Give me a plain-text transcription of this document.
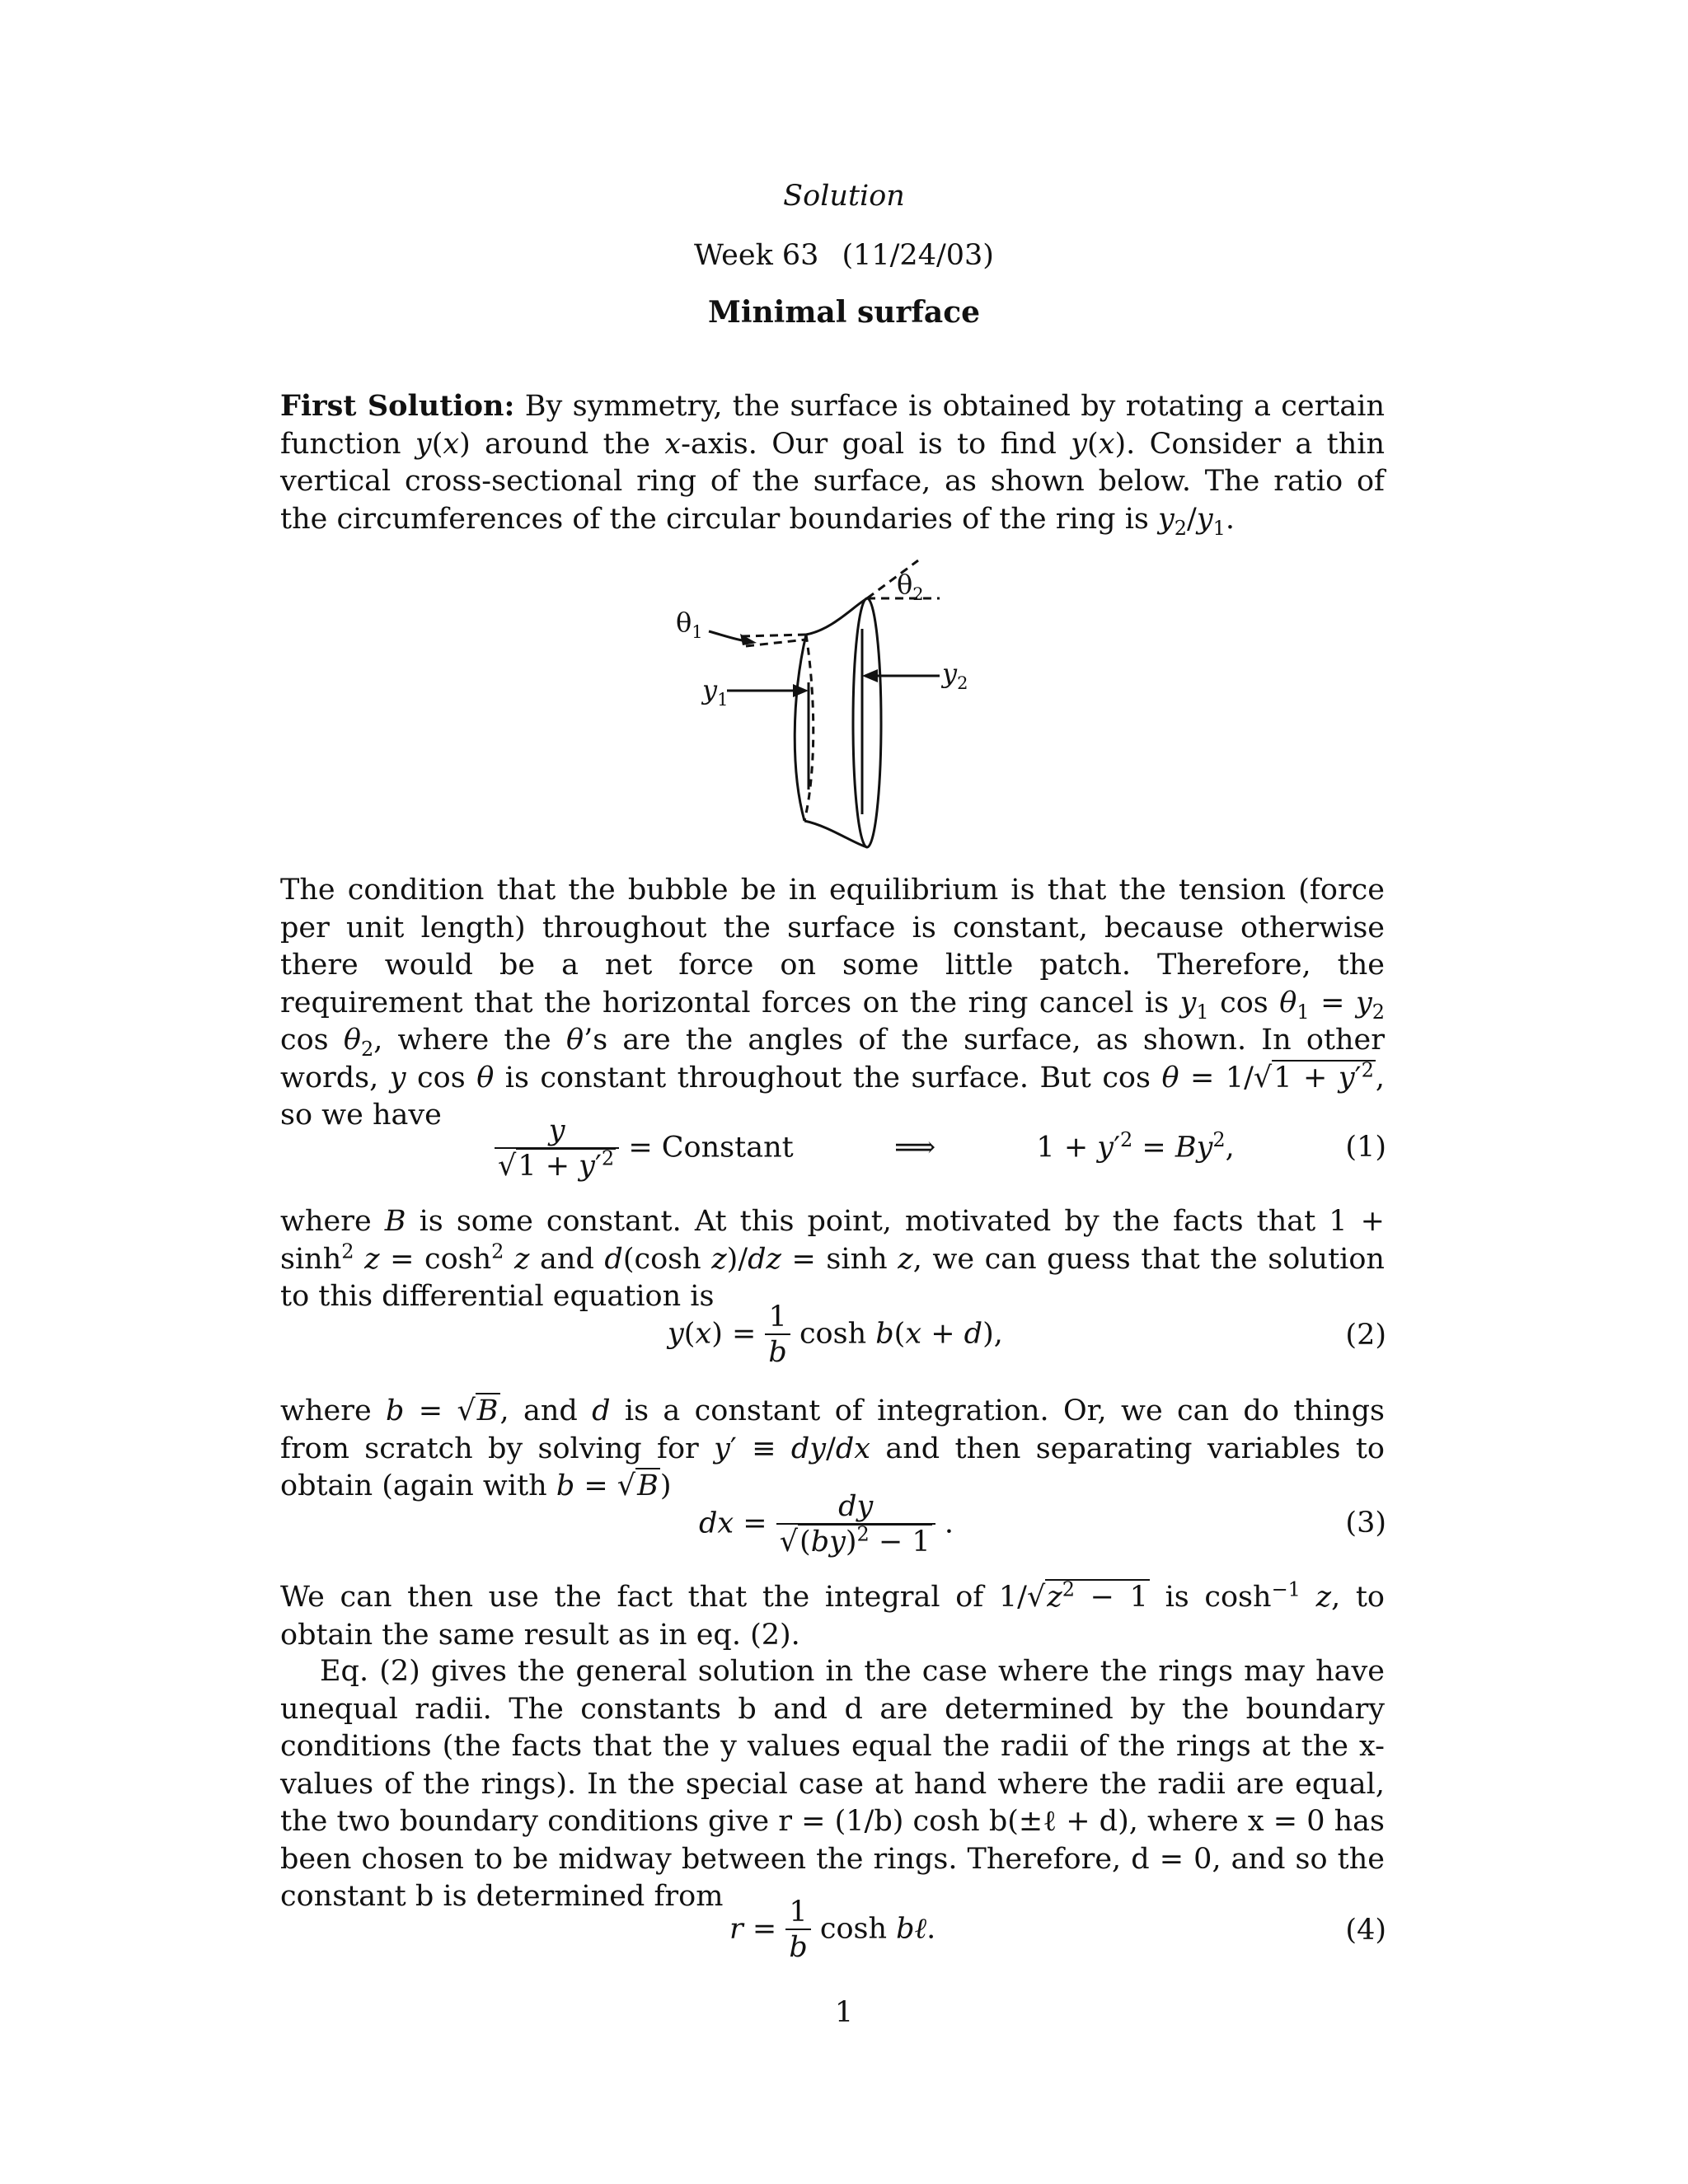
Solution
Week 63 (11/24/03)
Minimal surface
First Solution: By symmetry, the surface is obtained by rotating a certain function y(x) around the x-axis. Our goal is to find y(x). Consider a thin vertical cross-sectional ring of the surface, as shown below. The ratio of the circumferences of the circular boundaries of the ring is $y_2/y_1$.
$\theta_1$
$\theta_2$
$y_1$
$y_2$
The condition that the bubble be in equilibrium is that the tension (force per unit length) throughout the surface is constant, because otherwise there would be a net force on some little patch. Therefore, the requirement that the horizontal forces on the ring cancel is $y_1$ $\cos \theta_1 = y_2$ $\cos \theta_2$, where the θ’s are the angles of the surface, as shown. In other words, y cos θ is constant throughout the surface. But $\cos \theta = 1/√1 + y'^2$, so we have	$\frac{y}{√1 + y'^2}$ = Constant	⟹	$1 + y'^2 = By^2$,	(1)
where B is some constant. At this point, motivated by the facts that $1 + \sinh^2 z = \cosh^2 z$ and d(cosh z)/dz = sinh z, we can guess that the solution to this differential equation is
$y(x) = \frac{1}{b}$ cosh b(x + d),	(2)
where b = √B, and d is a constant of integration. Or, we can do things from scratch by solving for y′ ≡ dy/dx and then separating variables to obtain (again with b = √B)
dx = $\frac{dy}{√(by)^2 - 1}$ .	(3)
We can then use the fact that the integral of $1/√z^2 - 1$ is $\cosh^{-1} z$, to obtain the same result as in eq. (2).
Eq. (2) gives the general solution in the case where the rings may have unequal radii. The constants b and d are determined by the boundary conditions (the facts that the y values equal the radii of the rings at the x-values of the rings). In the special case at hand where the radii are equal, the two boundary conditions give r = (1/b) cosh b(±ℓ + d), where x = 0 has been chosen to be midway between the rings. Therefore, d = 0, and so the constant b is determined from
$r = \frac{1}{b}$ cosh bℓ.	(4)
1
